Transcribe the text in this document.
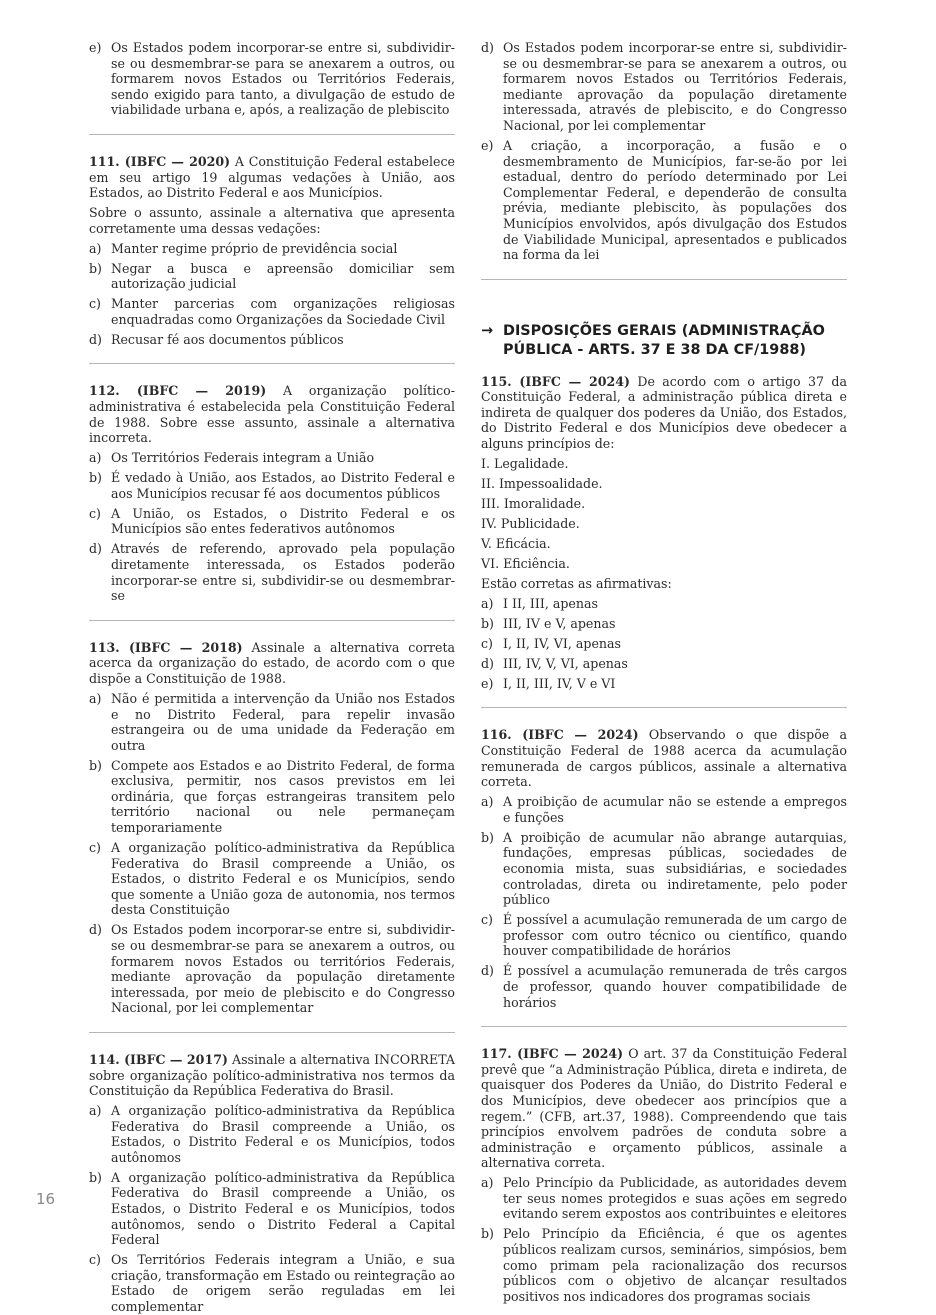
e) Os Estados podem incorporar-se entre si, subdividir-se ou desmembrar-se para se anexarem a outros, ou formarem novos Estados ou Territórios Federais, sendo exigido para tanto, a divulgação de estudo de viabilidade urbana e, após, a realização de plebiscito

111. (IBFC — 2020) A Constituição Federal estabelece em seu artigo 19 algumas vedações à União, aos Estados, ao Distrito Federal e aos Municípios.

Sobre o assunto, assinale a alternativa que apresenta corretamente uma dessas vedações:

a) Manter regime próprio de previdência social
b) Negar a busca e apreensão domiciliar sem autorização judicial
c) Manter parcerias com organizações religiosas enquadradas como Organizações da Sociedade Civil
d) Recusar fé aos documentos públicos

112. (IBFC — 2019) A organização político-administrativa é estabelecida pela Constituição Federal de 1988. Sobre esse assunto, assinale a alternativa incorreta.

a) Os Territórios Federais integram a União
b) É vedado à União, aos Estados, ao Distrito Federal e aos Municípios recusar fé aos documentos públicos
c) A União, os Estados, o Distrito Federal e os Municípios são entes federativos autônomos
d) Através de referendo, aprovado pela população diretamente interessada, os Estados poderão incorporar-se entre si, subdividir-se ou desmembrar-se

113. (IBFC — 2018) Assinale a alternativa correta acerca da organização do estado, de acordo com o que dispõe a Constituição de 1988.

a) Não é permitida a intervenção da União nos Estados e no Distrito Federal, para repelir invasão estrangeira ou de uma unidade da Federação em outra
b) Compete aos Estados e ao Distrito Federal, de forma exclusiva, permitir, nos casos previstos em lei ordinária, que forças estrangeiras transitem pelo território nacional ou nele permaneçam temporariamente
c) A organização político-administrativa da República Federativa do Brasil compreende a União, os Estados, o distrito Federal e os Municípios, sendo que somente a União goza de autonomia, nos termos desta Constituição
d) Os Estados podem incorporar-se entre si, subdividir- se ou desmembrar-se para se anexarem a outros, ou formarem novos Estados ou territórios Federais, mediante aprovação da população diretamente interessada, por meio de plebiscito e do Congresso Nacional, por lei complementar

114. (IBFC — 2017) Assinale a alternativa INCORRETA sobre organização político-administrativa nos termos da Constituição da República Federativa do Brasil.

a) A organização político-administrativa da República Federativa do Brasil compreende a União, os Estados, o Distrito Federal e os Municípios, todos autônomos
b) A organização político-administrativa da República Federativa do Brasil compreende a União, os Estados, o Distrito Federal e os Municípios, todos autônomos, sendo o Distrito Federal a Capital Federal
c) Os Territórios Federais integram a União, e sua criação, transformação em Estado ou reintegração ao Estado de origem serão reguladas em lei complementar
d) Os Estados podem incorporar-se entre si, subdividir-se ou desmembrar-se para se anexarem a outros, ou formarem novos Estados ou Territórios Federais, mediante aprovação da população diretamente interessada, através de plebiscito, e do Congresso Nacional, por lei complementar
e) A criação, a incorporação, a fusão e o desmembramento de Municípios, far-se-ão por lei estadual, dentro do período determinado por Lei Complementar Federal, e dependerão de consulta prévia, mediante plebiscito, às populações dos Municípios envolvidos, após divulgação dos Estudos de Viabilidade Municipal, apresentados e publicados na forma da lei
→ DISPOSIÇÕES GERAIS (ADMINISTRAÇÃO PÚBLICA - ARTS. 37 E 38 DA CF/1988)

115. (IBFC — 2024) De acordo com o artigo 37 da Constituição Federal, a administração pública direta e indireta de qualquer dos poderes da União, dos Estados, do Distrito Federal e dos Municípios deve obedecer a alguns princípios de:

I. Legalidade.

II. Impessoalidade.

III. Imoralidade.

IV. Publicidade.

V. Eficácia.

VI. Eficiência.

Estão corretas as afirmativas:

a) I II, III, apenas
b) III, IV e V, apenas
c) I, II, IV, VI, apenas
d) III, IV, V, VI, apenas
e) I, II, III, IV, V e VI

116. (IBFC — 2024) Observando o que dispõe a Constituição Federal de 1988 acerca da acumulação remunerada de cargos públicos, assinale a alternativa correta.

a) A proibição de acumular não se estende a empregos e funções
b) A proibição de acumular não abrange autarquias, fundações, empresas públicas, sociedades de economia mista, suas subsidiárias, e sociedades controladas, direta ou indiretamente, pelo poder público
c) É possível a acumulação remunerada de um cargo de professor com outro técnico ou científico, quando houver compatibilidade de horários
d) É possível a acumulação remunerada de três cargos de professor, quando houver compatibilidade de horários

117. (IBFC — 2024) O art. 37 da Constituição Federal prevê que “a Administração Pública, direta e indireta, de quaisquer dos Poderes da União, do Distrito Federal e dos Municípios, deve obedecer aos princípios que a regem.” (CFB, art.37, 1988). Compreendendo que tais princípios envolvem padrões de conduta sobre a administração e orçamento públicos, assinale a alternativa correta.

a) Pelo Princípio da Publicidade, as autoridades devem ter seus nomes protegidos e suas ações em segredo evitando serem expostos aos contribuintes e eleitores
b) Pelo Princípio da Eficiência, é que os agentes públicos realizam cursos, seminários, simpósios, bem como primam pela racionalização dos recursos públicos com o objetivo de alcançar resultados positivos nos indicadores dos programas sociais
16
